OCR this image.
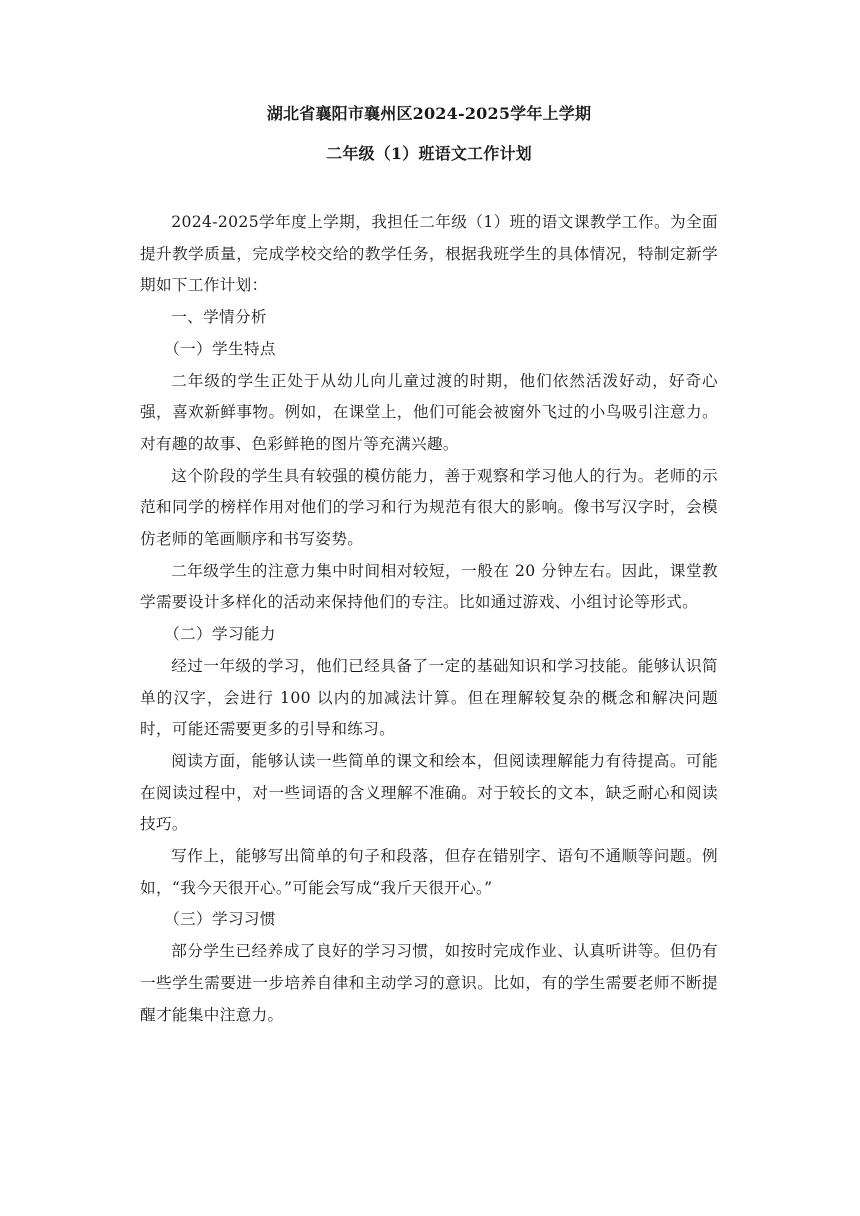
湖北省襄阳市襄州区2024-2025学年上学期
二年级（1）班语文工作计划

2024-2025学年度上学期，我担任二年级（1）班的语文课教学工作。为全面提升教学质量，完成学校交给的教学任务，根据我班学生的具体情况，特制定新学期如下工作计划：

一、学情分析

（一）学生特点

二年级的学生正处于从幼儿向儿童过渡的时期，他们依然活泼好动，好奇心强，喜欢新鲜事物。例如，在课堂上，他们可能会被窗外飞过的小鸟吸引注意力。对有趣的故事、色彩鲜艳的图片等充满兴趣。

这个阶段的学生具有较强的模仿能力，善于观察和学习他人的行为。老师的示范和同学的榜样作用对他们的学习和行为规范有很大的影响。像书写汉字时，会模仿老师的笔画顺序和书写姿势。

二年级学生的注意力集中时间相对较短，一般在 20 分钟左右。因此，课堂教学需要设计多样化的活动来保持他们的专注。比如通过游戏、小组讨论等形式。

（二）学习能力

经过一年级的学习，他们已经具备了一定的基础知识和学习技能。能够认识简单的汉字，会进行 100 以内的加减法计算。但在理解较复杂的概念和解决问题时，可能还需要更多的引导和练习。

阅读方面，能够认读一些简单的课文和绘本，但阅读理解能力有待提高。可能在阅读过程中，对一些词语的含义理解不准确。对于较长的文本，缺乏耐心和阅读技巧。

写作上，能够写出简单的句子和段落，但存在错别字、语句不通顺等问题。例如，“我今天很开心。”可能会写成“我斤天很开心。”

（三）学习习惯

部分学生已经养成了良好的学习习惯，如按时完成作业、认真听讲等。但仍有一些学生需要进一步培养自律和主动学习的意识。比如，有的学生需要老师不断提醒才能集中注意力。
